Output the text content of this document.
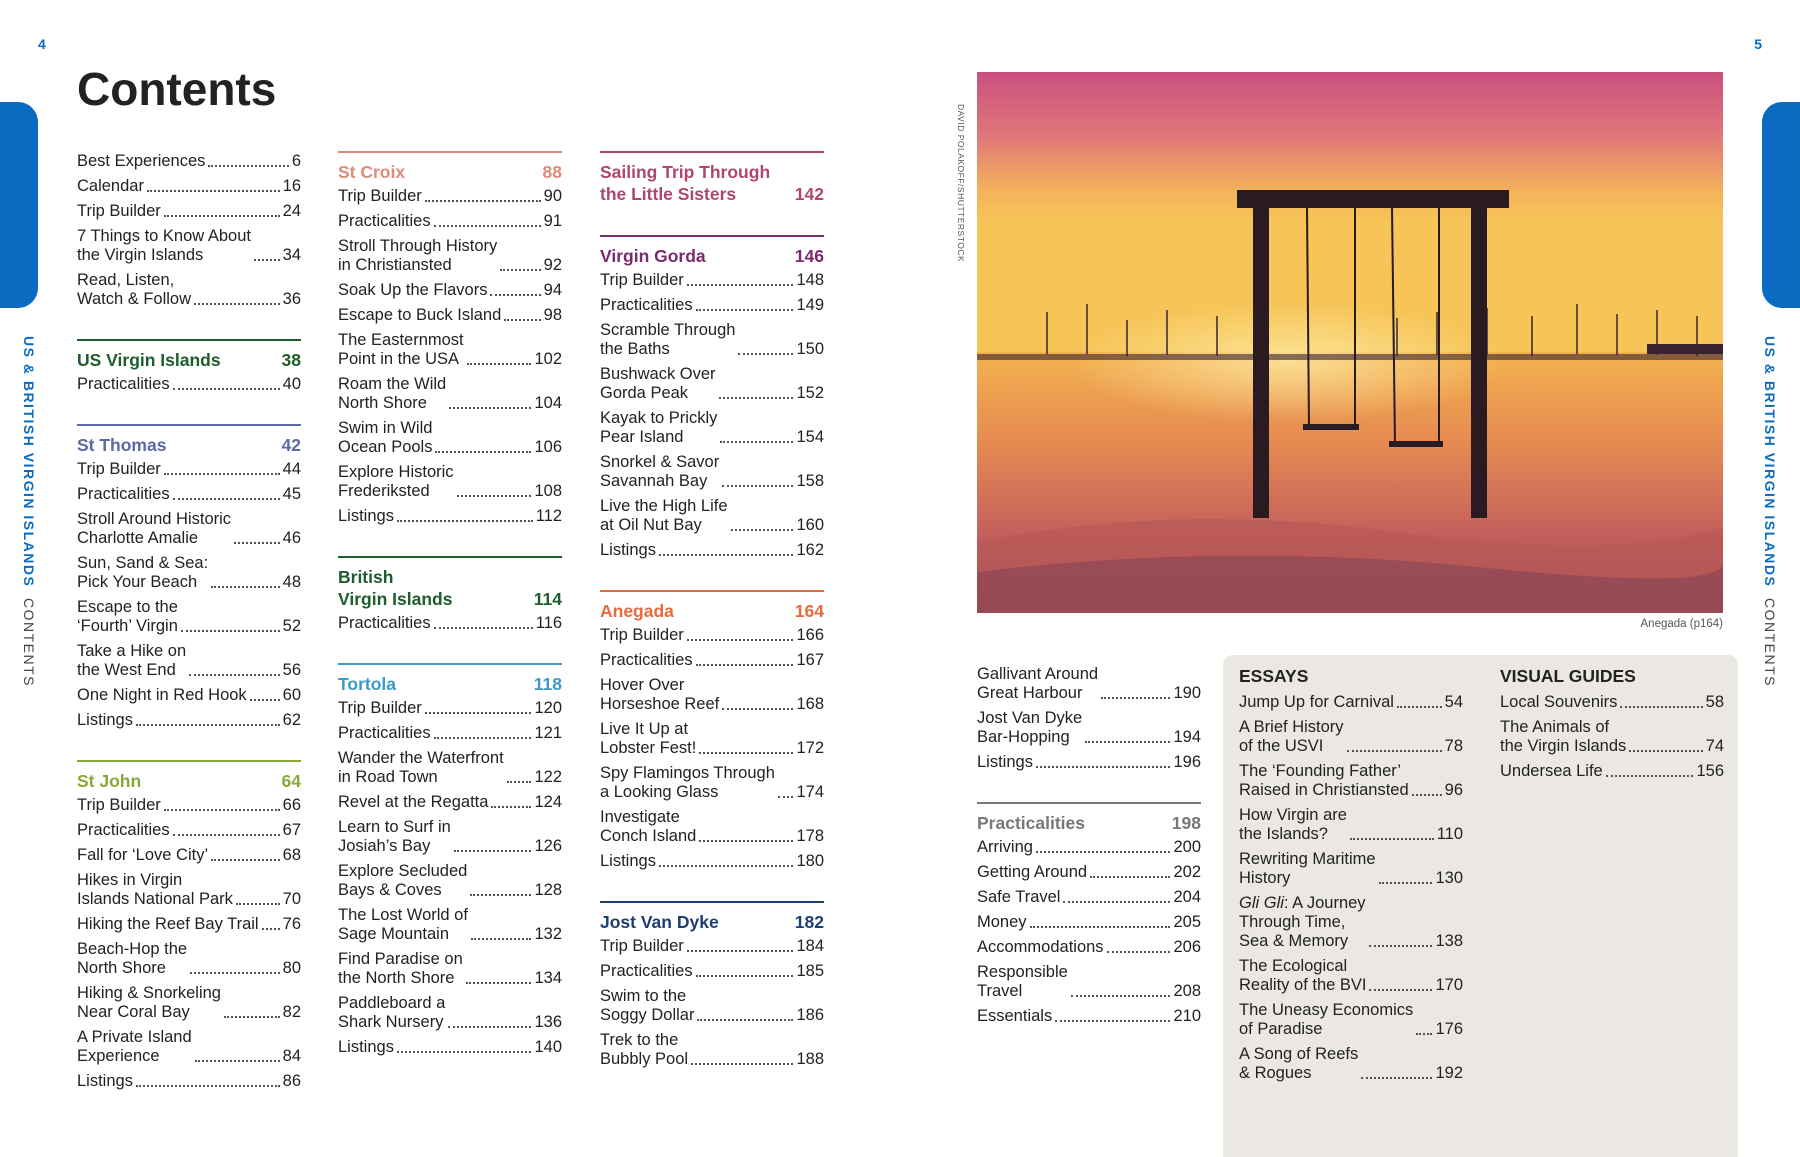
4	5
US & BRITISH VIRGIN ISLANDS  CONTENTS
US & BRITISH VIRGIN ISLANDS  CONTENTS
Contents
Best Experiences	6
Calendar	16
Trip Builder	24
7 Things to Know About
the Virgin Islands	34
Read, Listen,
Watch & Follow	36
US Virgin Islands	38
Practicalities	40
St Thomas	42
Trip Builder	44
Practicalities	45
Stroll Around Historic
Charlotte Amalie	46
Sun, Sand & Sea:
Pick Your Beach	48
Escape to the
‘Fourth’ Virgin	52
Take a Hike on
the West End	56
One Night in Red Hook 60
Listings	62
St John	64
Trip Builder	66
Practicalities	67
Fall for ‘Love City’	68
Hikes in Virgin
Islands National Park	70
Hiking the Reef Bay Trail 76
Beach-Hop the
North Shore	80
Hiking & Snorkeling
Near Coral Bay	82
A Private Island
Experience	84
Listings	86
St Croix	88
Trip Builder	90
Practicalities	91
Stroll Through History
in Christiansted	92
Soak Up the Flavors	94
Escape to Buck Island	98
The Easternmost
Point in the USA	102
Roam the Wild
North Shore	104
Swim in Wild
Ocean Pools	106
Explore Historic
Frederiksted	108
Listings	112
British
Virgin Islands	114
Practicalities	116
Tortola	118
Trip Builder	120
Practicalities	121
Wander the Waterfront
in Road Town	122
Revel at the Regatta	124
Learn to Surf in
Josiah’s Bay	126
Explore Secluded
Bays & Coves	128
The Lost World of
Sage Mountain	132
Find Paradise on
the North Shore	134
Paddleboard a
Shark Nursery	136
Listings	140
Sailing Trip Through
the Little Sisters	142
Virgin Gorda	146
Trip Builder	148
Practicalities	149
Scramble Through
the Baths	150
Bushwack Over
Gorda Peak	152
Kayak to Prickly
Pear Island	154
Snorkel & Savor
Savannah Bay	158
Live the High Life
at Oil Nut Bay	160
Listings	162
Anegada	164
Trip Builder	166
Practicalities	167
Hover Over
Horseshoe Reef	168
Live It Up at
Lobster Fest!	172
Spy Flamingos Through
a Looking Glass	174
Investigate
Conch Island	178
Listings	180
Jost Van Dyke	182
Trip Builder	184
Practicalities	185
Swim to the
Soggy Dollar	186
Trek to the
Bubbly Pool	188
DAVID POLAKOFF/SHUTTERSTOCK
Anegada (p164)
Gallivant Around
Great Harbour	190
Jost Van Dyke
Bar-Hopping	194
Listings	196
Practicalities	198
Arriving	200
Getting Around	202
Safe Travel	204
Money	205
Accommodations	206
Responsible
Travel	208
Essentials	210
ESSAYS
Jump Up for Carnival	54
A Brief History
of the USVI	78
The ‘Founding Father’
Raised in Christiansted 96
How Virgin are
the Islands?	110
Rewriting Maritime
History	130
Gli Gli: A Journey
Through Time,
Sea & Memory	138
The Ecological
Reality of the BVI	170
The Uneasy Economics
of Paradise	176
A Song of Reefs
& Rogues	192
VISUAL GUIDES
Local Souvenirs	58
The Animals of
the Virgin Islands	74
Undersea Life	156
